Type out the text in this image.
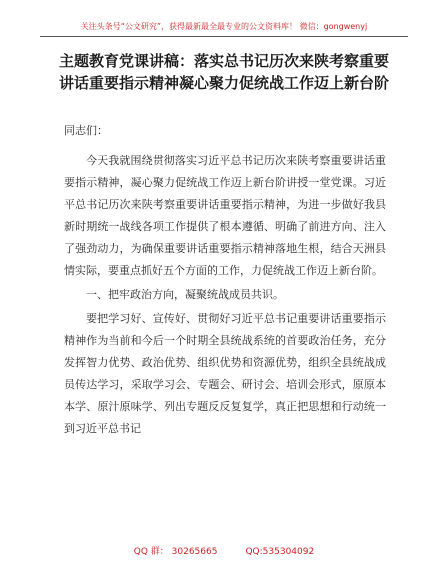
关注头条号“公文研究”，获得最新最全最专业的公文资料库！ 微信：gongwenyj
主题教育党课讲稿：落实总书记历次来陕考察重要讲话重要指示精神凝心聚力促统战工作迈上新台阶

同志们：

今天我就围绕贯彻落实习近平总书记历次来陕考察重要讲话重要指示精神，凝心聚力促统战工作迈上新台阶讲授一堂党课。习近平总书记历次来陕考察重要讲话重要指示精神，为进一步做好我县新时期统一战线各项工作提供了根本遵循、明确了前进方向、注入了强劲动力，为确保重要讲话重要指示精神落地生根，结合天洲县情实际，要重点抓好五个方面的工作，力促统战工作迈上新台阶。

一、把牢政治方向，凝聚统战成员共识。

要把学习好、宣传好、贯彻好习近平总书记重要讲话重要指示精神作为当前和今后一个时期全县统战系统的首要政治任务，充分发挥智力优势、政治优势、组织优势和资源优势，组织全县统战成员传达学习，采取学习会、专题会、研讨会、培训会形式，原原本本学、原汁原味学、列出专题反反复复学，真正把思想和行动统一到习近平总书记

QQ 群： 30265665	QQ:535304092
